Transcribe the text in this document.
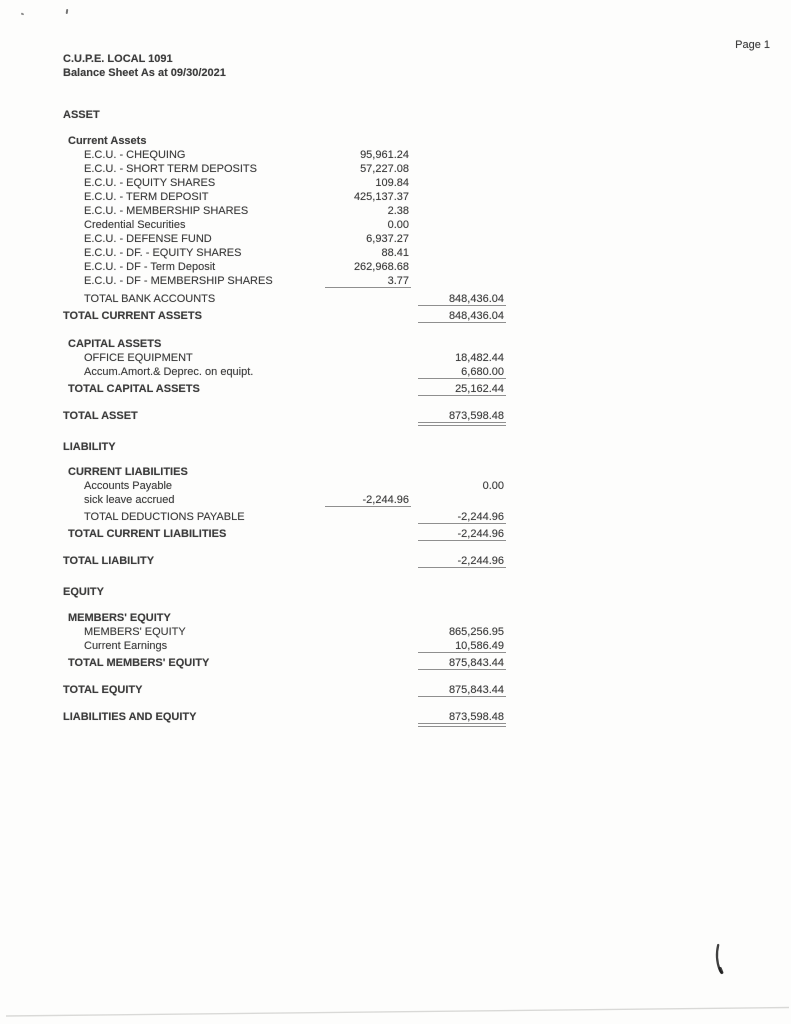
Page 1
C.U.P.E. LOCAL 1091
Balance Sheet As at 09/30/2021
ASSET
Current Assets
E.C.U. - CHEQUING	95,961.24
E.C.U. - SHORT TERM DEPOSITS	57,227.08
E.C.U. - EQUITY SHARES	109.84
E.C.U. - TERM DEPOSIT	425,137.37
E.C.U. - MEMBERSHIP SHARES	2.38
Credential Securities	0.00
E.C.U. - DEFENSE FUND	6,937.27
E.C.U. - DF. - EQUITY SHARES	88.41
E.C.U. - DF - Term Deposit	262,968.68
E.C.U. - DF - MEMBERSHIP SHARES	3.77
TOTAL BANK ACCOUNTS	848,436.04
TOTAL CURRENT ASSETS	848,436.04
CAPITAL ASSETS
OFFICE EQUIPMENT	18,482.44
Accum.Amort.& Deprec. on equipt.	6,680.00
TOTAL CAPITAL ASSETS	25,162.44
TOTAL ASSET	873,598.48
LIABILITY
CURRENT LIABILITIES
Accounts Payable	0.00
sick leave accrued	-2,244.96
TOTAL DEDUCTIONS PAYABLE	-2,244.96
TOTAL CURRENT LIABILITIES	-2,244.96
TOTAL LIABILITY	-2,244.96
EQUITY
MEMBERS' EQUITY
MEMBERS' EQUITY	865,256.95
Current Earnings	10,586.49
TOTAL MEMBERS' EQUITY	875,843.44
TOTAL EQUITY	875,843.44
LIABILITIES AND EQUITY	873,598.48
